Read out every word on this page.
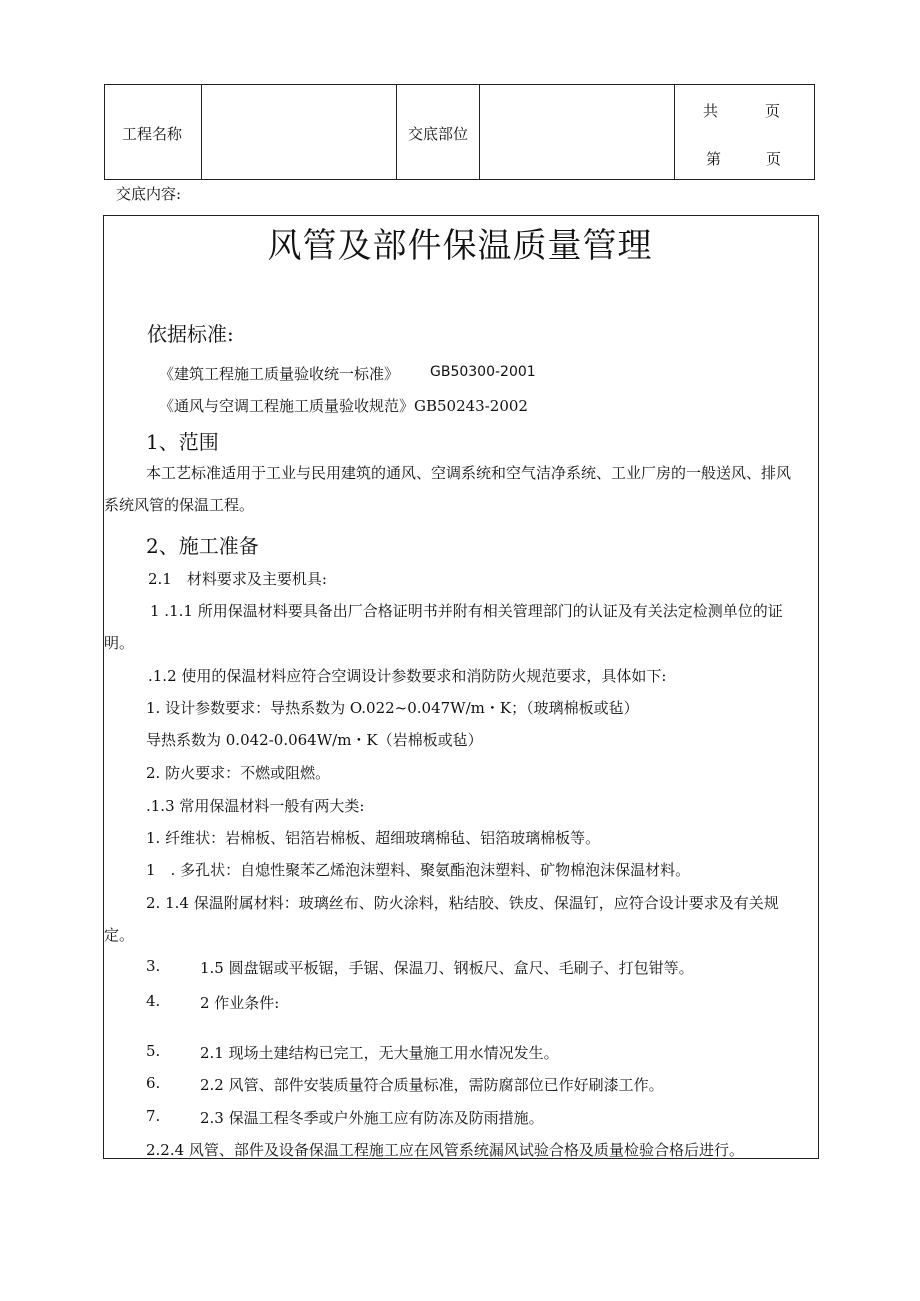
工程名称	交底部位
共	页
第	页
交底内容:
风管及部件保温质量管理
依据标准:
《建筑工程施工质量验收统一标准》 GB50300-2001
《通风与空调工程施工质量验收规范》GB50243-2002
1、范围
本工艺标准适用于工业与民用建筑的通风、空调系统和空气洁净系统、工业厂房的一般送风、排风
系统风管的保温工程。
2、施工准备
2.1　材料要求及主要机具:
1 .1.1 所用保温材料要具备出厂合格证明书并附有相关管理部门的认证及有关法定检测单位的证
明。
.1.2 使用的保温材料应符合空调设计参数要求和消防防火规范要求，具体如下:
1. 设计参数要求：导热系数为 O.022~0.047W/m・K；（玻璃棉板或毡）
导热系数为 0.042-0.064W/m・K（岩棉板或毡）
2. 防火要求：不燃或阻燃。
.1.3 常用保温材料一般有两大类:
1. 纤维状：岩棉板、铝箔岩棉板、超细玻璃棉毡、铝箔玻璃棉板等。
1　. 多孔状：自熄性聚苯乙烯泡沫塑料、聚氨酯泡沫塑料、矿物棉泡沫保温材料。
2. 1.4 保温附属材料：玻璃丝布、防火涂料，粘结胶、铁皮、保温钉，应符合设计要求及有关规
定。
3.	1.5 圆盘锯或平板锯，手锯、保温刀、钢板尺、盒尺、毛刷子、打包钳等。
4.	2 作业条件:
5.	2.1 现场土建结构已完工，无大量施工用水情况发生。
6.	2.2 风管、部件安装质量符合质量标准，需防腐部位已作好刷漆工作。
7.	2.3 保温工程冬季或户外施工应有防冻及防雨措施。
2.2.4 风管、部件及设备保温工程施工应在风管系统漏风试验合格及质量检验合格后进行。
